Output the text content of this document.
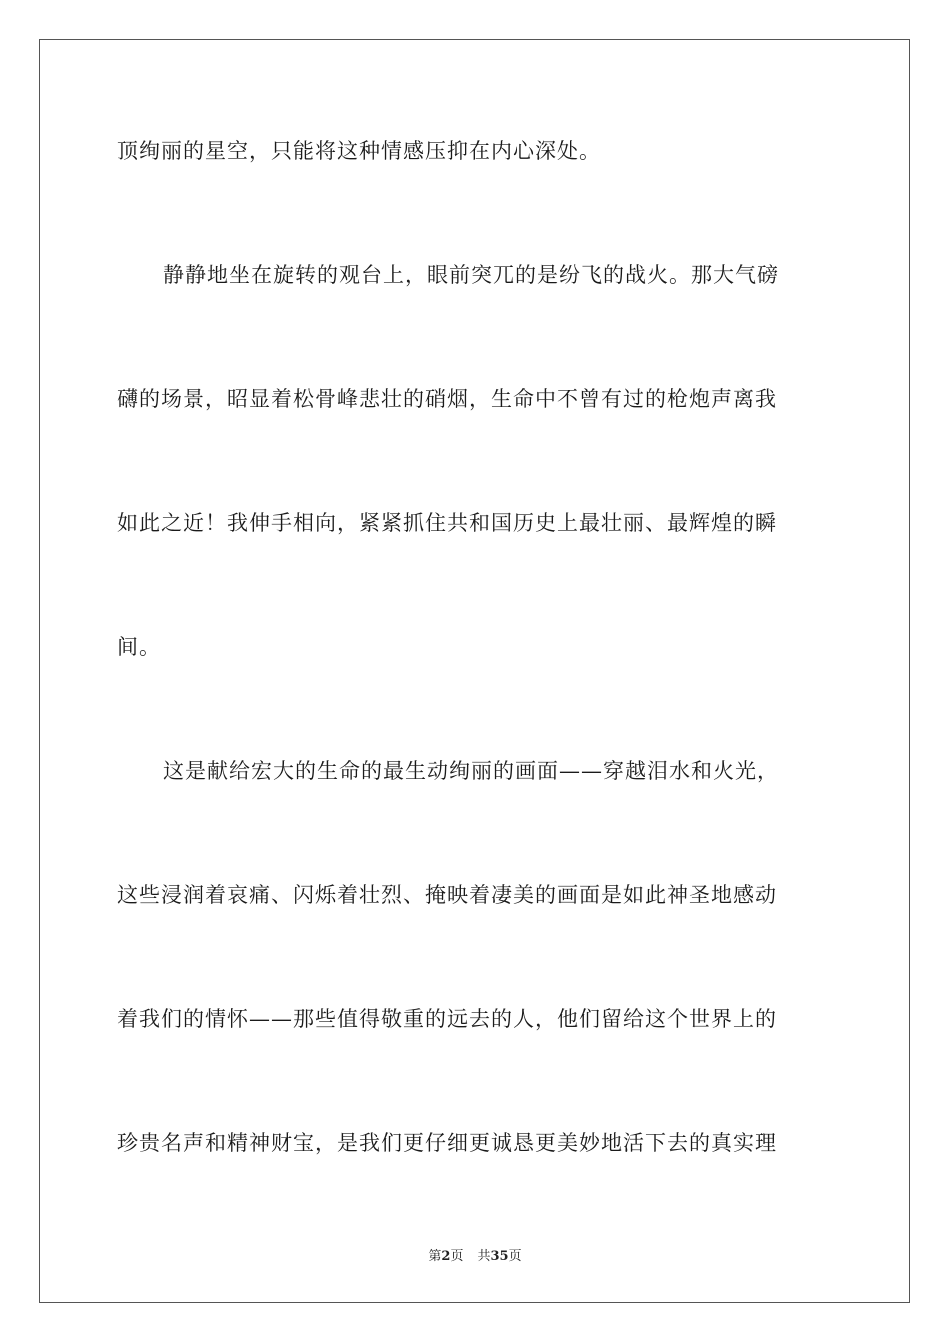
顶绚丽的星空，只能将这种情感压抑在内心深处。
静静地坐在旋转的观台上，眼前突兀的是纷飞的战火。那大气磅
礴的场景，昭显着松骨峰悲壮的硝烟，生命中不曾有过的枪炮声离我
如此之近！我伸手相向，紧紧抓住共和国历史上最壮丽、最辉煌的瞬
间。
这是献给宏大的生命的最生动绚丽的画面——穿越泪水和火光，
这些浸润着哀痛、闪烁着壮烈、掩映着凄美的画面是如此神圣地感动
着我们的情怀——那些值得敬重的远去的人，他们留给这个世界上的
珍贵名声和精神财宝，是我们更仔细更诚恳更美妙地活下去的真实理
第2页 共35页
